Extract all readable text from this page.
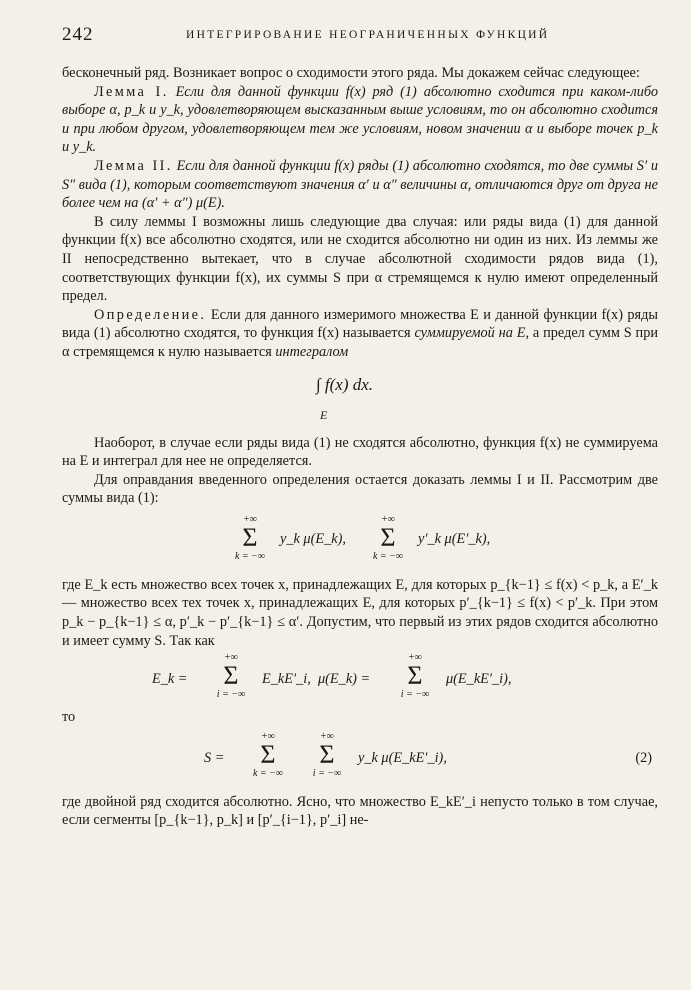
242	ИНТЕГРИРОВАНИЕ НЕОГРАНИЧЕННЫХ ФУНКЦИЙ

бесконечный ряд. Возникает вопрос о сходимости этого ряда. Мы докажем сейчас следующее:

Лемма I. Если для данной функции f(x) ряд (1) абсолютно сходится при каком-либо выборе α, p_k и y_k, удовлетворяющем высказанным выше условиям, то он абсолютно сходится и при любом другом, удовлетворяющем тем же условиям, новом значении α и выборе точек p_k и y_k.

Лемма II. Если для данной функции f(x) ряды (1) абсолютно сходятся, то две суммы S′ и S″ вида (1), которым соответствуют значения α′ и α″ величины α, отличаются друг от друга не более чем на (α′ + α″) μ(E).

В силу леммы I возможны лишь следующие два случая: или ряды вида (1) для данной функции f(x) все абсолютно сходятся, или не сходится абсолютно ни один из них. Из леммы же II непосредственно вытекает, что в случае абсолютной сходимости рядов вида (1), соответствующих функции f(x), их суммы S при α стремящемся к нулю имеют определенный предел.

Определение. Если для данного измеримого множества E и данной функции f(x) ряды вида (1) абсолютно сходятся, то функция f(x) называется суммируемой на E, а предел сумм S при α стремящемся к нулю называется интегралом

∫ f(x) dx.
E

Наоборот, в случае если ряды вида (1) не сходятся абсолютно, функция f(x) не суммируема на E и интеграл для нее не определяется.

Для оправдания введенного определения остается доказать леммы I и II. Рассмотрим две суммы вида (1):

+∞
Σ
k = −∞
y_k μ(E_k),
+∞
Σ
k = −∞
y′_k μ(E′_k),

где E_k есть множество всех точек x, принадлежащих E, для которых p_{k−1} ≤ f(x) < p_k, а E′_k — множество всех тех точек x, принадлежащих E, для которых p′_{k−1} ≤ f(x) < p′_k. При этом p_k − p_{k−1} ≤ α, p′_k − p′_{k−1} ≤ α′. Допустим, что первый из этих рядов сходится абсолютно и имеет сумму S. Так как

E_k =
+∞
Σ
i = −∞
E_kE′_i, μ(E_k) =
+∞
Σ
i = −∞
μ(E_kE′_i),

то

S =
+∞
Σ
k = −∞
+∞
Σ
i = −∞
y_k μ(E_kE′_i),	(2)

где двойной ряд сходится абсолютно. Ясно, что множество E_kE′_i непусто только в том случае, если сегменты [p_{k−1}, p_k] и [p′_{i−1}, p′_i] не-
